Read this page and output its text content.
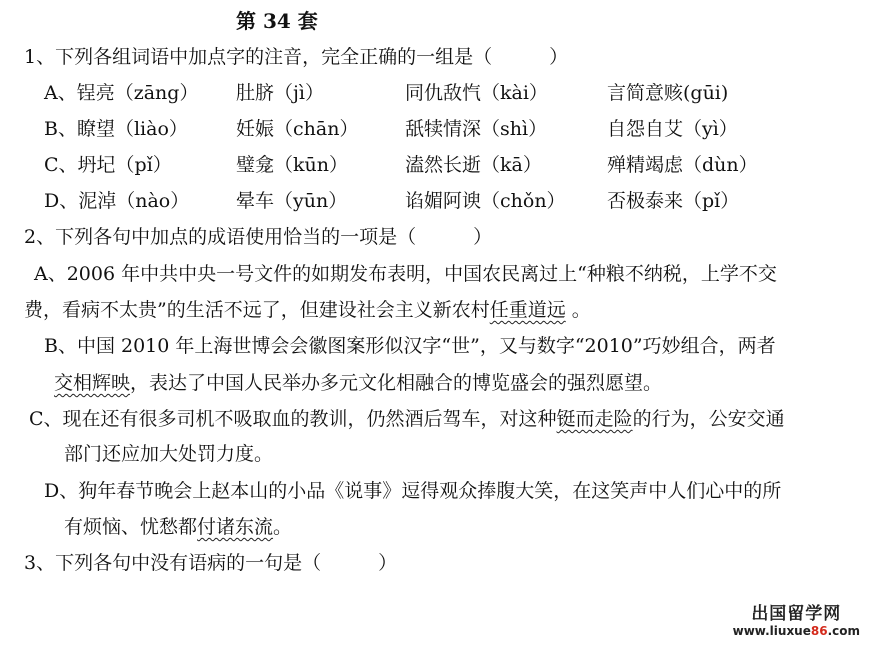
第 34 套
1、下列各组词语中加点字的注音，完全正确的一组是（　　　）
A、锃亮（zāng） 肚脐（jì）	同仇敌忾（kài）	言简意赅(gūi)
B、瞭望（liào）	妊娠（chān） 舐犊情深（shì）	自怨自艾（yì）
C、坍圮（pǐ）	璧龛（kūn）	溘然长逝（kā）	殚精竭虑（dùn）
D、泥淖（nào） 晕车（yūn）	谄媚阿谀（chǒn） 否极泰来（pǐ）
2、下列各句中加点的成语使用恰当的一项是（　　　）
A、2006 年中共中央一号文件的如期发布表明，中国农民离过上“种粮不纳税，上学不交
费，看病不太贵”的生活不远了，但建设社会主义新农村任重道远 。
B、中国 2010 年上海世博会会徽图案形似汉字“世”，又与数字“2010”巧妙组合，两者
交相辉映，表达了中国人民举办多元文化相融合的博览盛会的强烈愿望。
C、现在还有很多司机不吸取血的教训，仍然酒后驾车，对这种铤而走险的行为，公安交通
部门还应加大处罚力度。
D、狗年春节晚会上赵本山的小品《说事》逗得观众捧腹大笑，在这笑声中人们心中的所
有烦恼、忧愁都付诸东流。
3、下列各句中没有语病的一句是（　　　）
出国留学网
www.liuxue86.com
